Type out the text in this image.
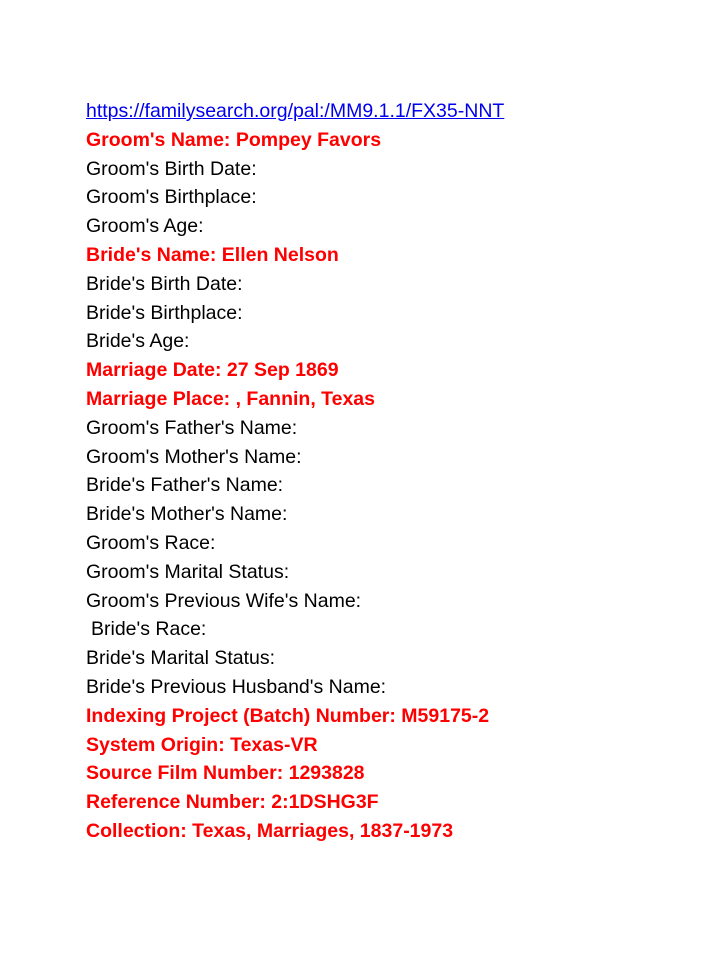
https://familysearch.org/pal:/MM9.1.1/FX35-NNT
Groom's Name: Pompey Favors
Groom's Birth Date:
Groom's Birthplace:
Groom's Age:
Bride's Name: Ellen Nelson
Bride's Birth Date:
Bride's Birthplace:
Bride's Age:
Marriage Date: 27 Sep 1869
Marriage Place: , Fannin, Texas
Groom's Father's Name:
Groom's Mother's Name:
Bride's Father's Name:
Bride's Mother's Name:
Groom's Race:
Groom's Marital Status:
Groom's Previous Wife's Name:
Bride's Race:
Bride's Marital Status:
Bride's Previous Husband's Name:
Indexing Project (Batch) Number: M59175-2
System Origin: Texas-VR
Source Film Number: 1293828
Reference Number: 2:1DSHG3F
Collection: Texas, Marriages, 1837-1973
